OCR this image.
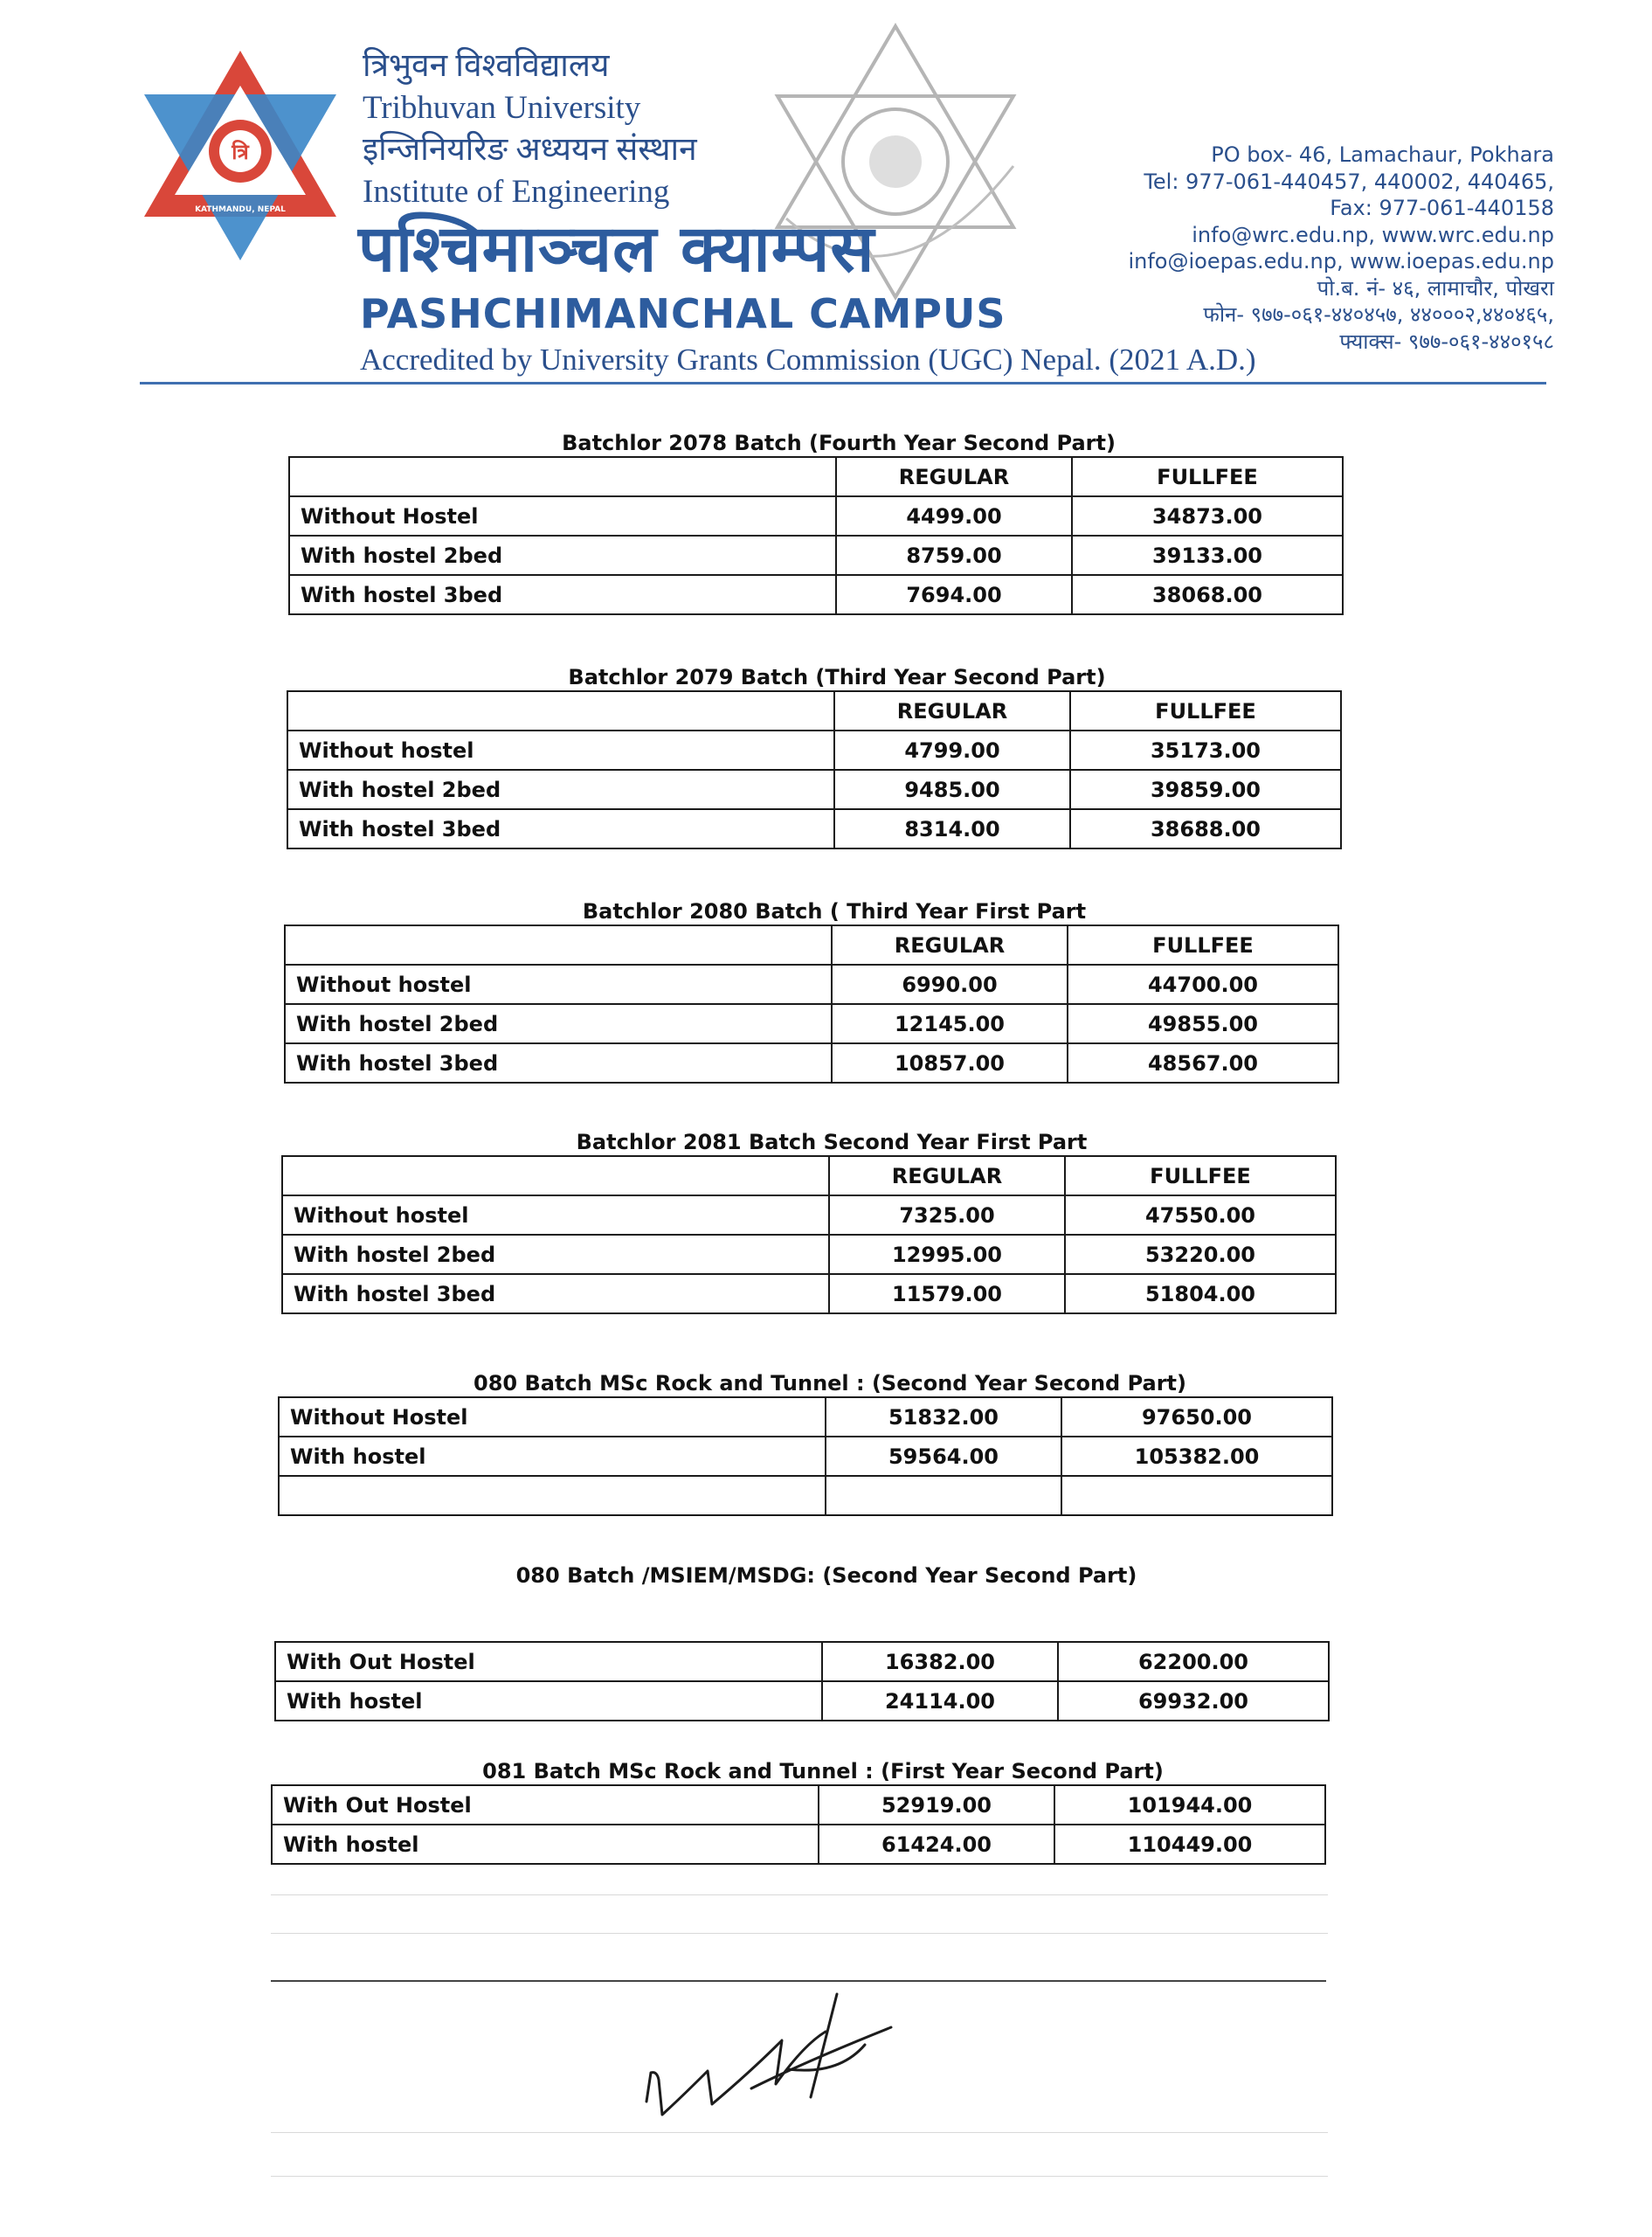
त्रि
KATHMANDU, NEPAL
त्रिभुवन विश्वविद्यालय
Tribhuvan University
इन्जिनियरिङ अध्ययन संस्थान
Institute of Engineering
पश्चिमाञ्चल क्याम्पस
PASHCHIMANCHAL CAMPUS
Accredited by University Grants Commission (UGC) Nepal. (2021 A.D.)
PO box- 46, Lamachaur, Pokhara
Tel: 977-061-440457, 440002, 440465,
Fax: 977-061-440158
info@wrc.edu.np, www.wrc.edu.np
info@ioepas.edu.np, www.ioepas.edu.np
पो.ब. नं- ४६, लामाचौर, पोखरा
फोन- ९७७-०६१-४४०४५७, ४४०००२,४४०४६५,
फ्याक्स- ९७७-०६१-४४०१५८
Batchlor 2078 Batch (Fourth Year Second Part)
	REGULAR	FULLFEE
Without Hostel	4499.00	34873.00
With hostel 2bed	8759.00	39133.00
With hostel 3bed	7694.00	38068.00
Batchlor 2079 Batch (Third Year Second Part)
	REGULAR	FULLFEE
Without hostel	4799.00	35173.00
With hostel 2bed	9485.00	39859.00
With hostel 3bed	8314.00	38688.00
Batchlor 2080 Batch ( Third Year First Part
	REGULAR	FULLFEE
Without hostel	6990.00	44700.00
With hostel 2bed	12145.00	49855.00
With hostel 3bed	10857.00	48567.00
Batchlor 2081 Batch Second Year First Part
	REGULAR	FULLFEE
Without hostel	7325.00	47550.00
With hostel 2bed	12995.00	53220.00
With hostel 3bed	11579.00	51804.00
080 Batch MSc Rock and Tunnel : (Second Year Second Part)
Without Hostel	51832.00	97650.00
With hostel	59564.00	105382.00

080 Batch /MSIEM/MSDG: (Second Year Second Part)
With Out Hostel	16382.00	62200.00
With hostel	24114.00	69932.00
081 Batch MSc Rock and Tunnel : (First Year Second Part)
With Out Hostel	52919.00	101944.00
With hostel	61424.00	110449.00
